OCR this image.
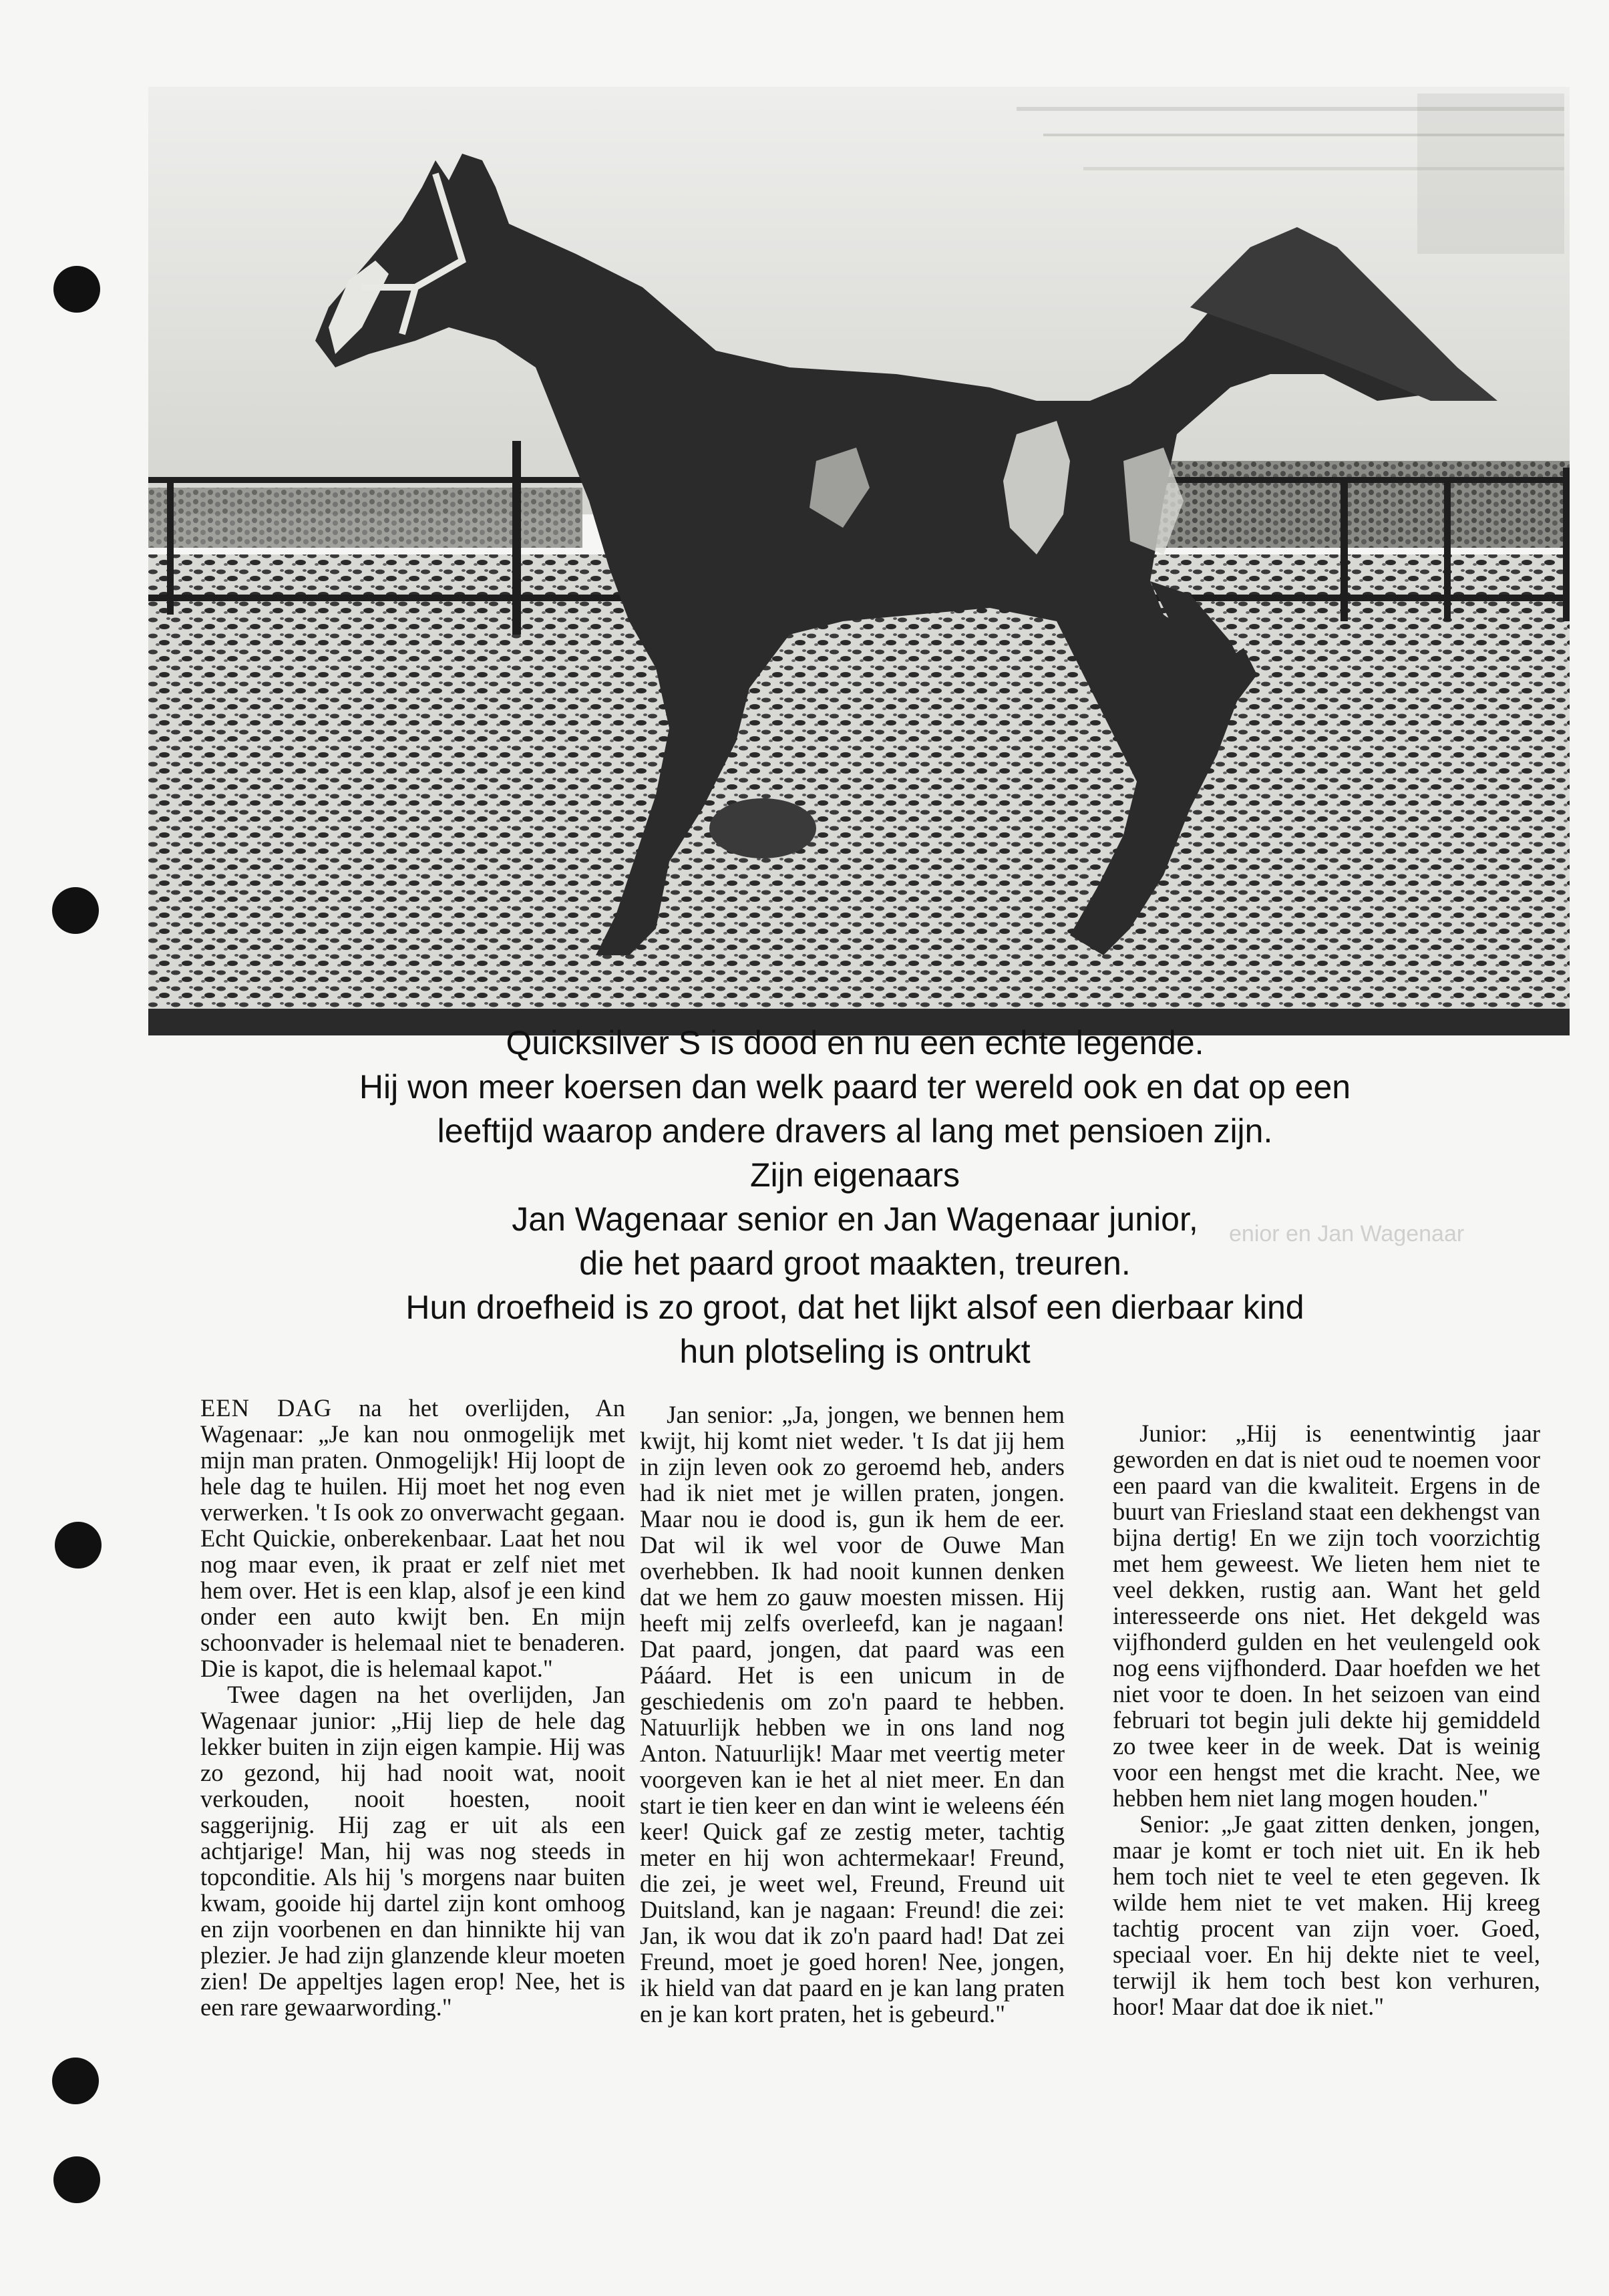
Quicksilver S is dood en nu een echte legende.
Hij won meer koersen dan welk paard ter wereld ook en dat op een
leeftijd waarop andere dravers al lang met pensioen zijn.
Zijn eigenaars
Jan Wagenaar senior en Jan Wagenaar junior,
die het paard groot maakten, treuren.
Hun droefheid is zo groot, dat het lijkt alsof een dierbaar kind
hun plotseling is ontrukt
enior en Jan Wagenaar

EEN DAG na het overlijden, An Wagenaar: „Je kan nou onmogelijk met mijn man praten. Onmogelijk! Hij loopt de hele dag te huilen. Hij moet het nog even verwerken. 't Is ook zo onverwacht gegaan. Echt Quickie, onberekenbaar. Laat het nou nog maar even, ik praat er zelf niet met hem over. Het is een klap, alsof je een kind onder een auto kwijt ben. En mijn schoonvader is helemaal niet te benaderen. Die is kapot, die is helemaal kapot."

Twee dagen na het overlijden, Jan Wagenaar junior: „Hij liep de hele dag lekker buiten in zijn eigen kampie. Hij was zo gezond, hij had nooit wat, nooit verkouden, nooit hoesten, nooit saggerijnig. Hij zag er uit als een achtjarige! Man, hij was nog steeds in topconditie. Als hij 's morgens naar buiten kwam, gooide hij dartel zijn kont omhoog en zijn voorbenen en dan hinnikte hij van plezier. Je had zijn glanzende kleur moeten zien! De appeltjes lagen erop! Nee, het is een rare gewaarwording."

Jan senior: „Ja, jongen, we bennen hem kwijt, hij komt niet weder. 't Is dat jij hem in zijn leven ook zo geroemd heb, anders had ik niet met je willen praten, jongen. Maar nou ie dood is, gun ik hem de eer. Dat wil ik wel voor de Ouwe Man overhebben. Ik had nooit kunnen denken dat we hem zo gauw moesten missen. Hij heeft mij zelfs overleefd, kan je nagaan! Dat paard, jongen, dat paard was een Pááard. Het is een unicum in de geschiedenis om zo'n paard te hebben. Natuurlijk hebben we in ons land nog Anton. Natuurlijk! Maar met veertig meter voorgeven kan ie het al niet meer. En dan start ie tien keer en dan wint ie weleens één keer! Quick gaf ze zestig meter, tachtig meter en hij won achtermekaar! Freund, die zei, je weet wel, Freund, Freund uit Duitsland, kan je nagaan: Freund! die zei: Jan, ik wou dat ik zo'n paard had! Dat zei Freund, moet je goed horen! Nee, jongen, ik hield van dat paard en je kan lang praten en je kan kort praten, het is gebeurd."

Junior: „Hij is eenentwintig jaar geworden en dat is niet oud te noemen voor een paard van die kwaliteit. Ergens in de buurt van Friesland staat een dekhengst van bijna dertig! En we zijn toch voorzichtig met hem geweest. We lieten hem niet te veel dekken, rustig aan. Want het geld interesseerde ons niet. Het dekgeld was vijfhonderd gulden en het veulengeld ook nog eens vijfhonderd. Daar hoefden we het niet voor te doen. In het seizoen van eind februari tot begin juli dekte hij gemiddeld zo twee keer in de week. Dat is weinig voor een hengst met die kracht. Nee, we hebben hem niet lang mogen houden."

Senior: „Je gaat zitten denken, jongen, maar je komt er toch niet uit. En ik heb hem toch niet te veel te eten gegeven. Ik wilde hem niet te vet maken. Hij kreeg tachtig procent van zijn voer. Goed, speciaal voer. En hij dekte niet te veel, terwijl ik hem toch best kon verhuren, hoor! Maar dat doe ik niet."
